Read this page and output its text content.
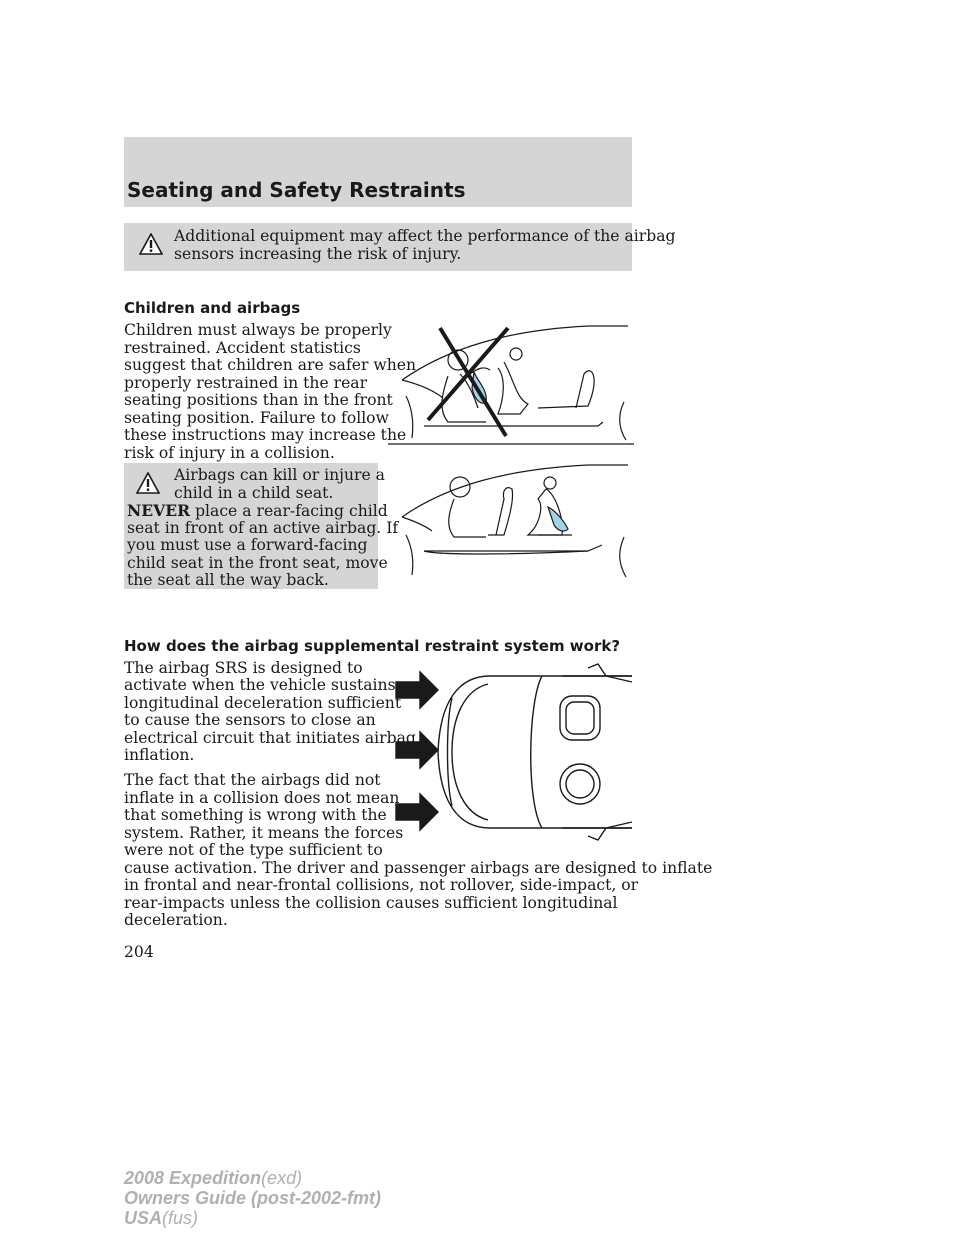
Seating and Safety Restraints

Additional equipment may affect the performance of the airbag

sensors increasing the risk of injury.

Children and airbags

Children must always be properly

restrained. Accident statistics

suggest that children are safer when

properly restrained in the rear

seating positions than in the front

seating position. Failure to follow

these instructions may increase the

risk of injury in a collision.

Airbags can kill or injure a

child in a child seat.

NEVER place a rear-facing child

seat in front of an active airbag. If

you must use a forward-facing

child seat in the front seat, move

the seat all the way back.

How does the airbag supplemental restraint system work?

The airbag SRS is designed to

activate when the vehicle sustains

longitudinal deceleration sufficient

to cause the sensors to close an

electrical circuit that initiates airbag

inflation.

The fact that the airbags did not

inflate in a collision does not mean

that something is wrong with the

system. Rather, it means the forces

were not of the type sufficient to

cause activation. The driver and passenger airbags are designed to inflate

in frontal and near-frontal collisions, not rollover, side-impact, or

rear-impacts unless the collision causes sufficient longitudinal

deceleration.

204
2008 Expedition(exd)
Owners Guide (post-2002-fmt)
USA(fus)
